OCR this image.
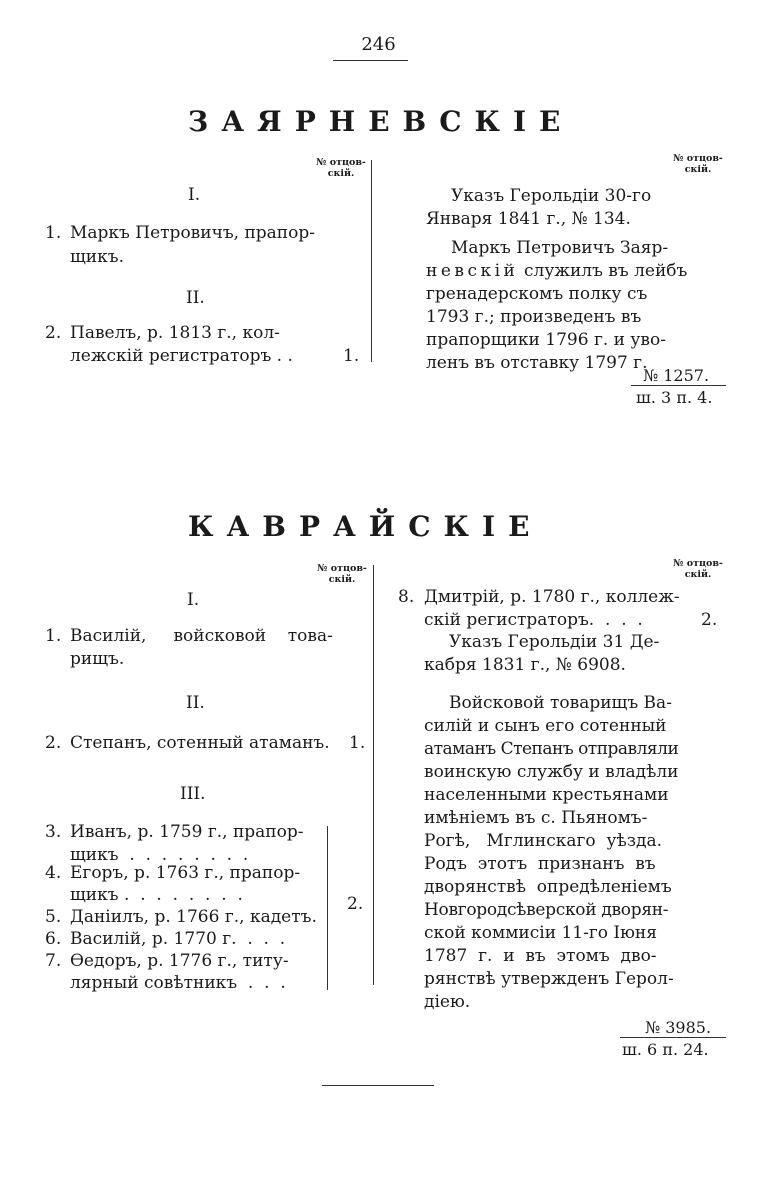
246
ЗАЯРНЕВСКІЕ
№ отцов-
скій.
I.
1. Маркъ Петровичъ, прапор-
щикъ.
II.
2. Павелъ, р. 1813 г., кол-
лежскій регистраторъ . .	1.
№ отцов-
скій.
Указъ Герольдіи 30-го
Января 1841 г., № 134.
Маркъ Петровичъ Заяр-
невскій служилъ въ лейбъ
гренадерскомъ полку съ
1793 г.; произведенъ въ
прапорщики 1796 г. и уво-
ленъ въ отставку 1797 г.
№ 1257.
ш. 3 п. 4.
КАВРАЙСКІЕ
№ отцов-
скій.
I.
1. Василій,     войсковой    това-
рищъ.
II.
2. Степанъ, сотенный атаманъ. 1.
III.
3. Иванъ, р. 1759 г., прапор-
щикъ  .  .  .  .  .  .  .  .
4. Егоръ, р. 1763 г., прапор-
щикъ .  .  .  .  .  .  .  .
5. Даніилъ, р. 1766 г., кадетъ.
6. Василій, р. 1770 г.  .  .  .
7. Ѳедоръ, р. 1776 г., титу-
лярный совѣтникъ  .  .  .
2.
№ отцов-
скій.
8. Дмитрій, р. 1780 г., коллеж-
скій регистраторъ.  .  .  .	2.
Указъ Герольдіи 31 Де-
кабря 1831 г., № 6908.
Войсковой товарищъ Ва-
силій и сынъ его сотенный
атаманъ Степанъ отправляли
воинскую службу и владѣли
населенными крестьянами
имѣніемъ въ с. Пьяномъ-
Рогѣ,   Мглинскаго  уѣзда.
Родъ  этотъ  признанъ  въ
дворянствѣ  опредѣленіемъ
Новгородсѣверской дворян-
ской коммисіи 11-го Іюня
1787  г.  и  въ  этомъ  дво-
рянствѣ утвержденъ Герол-
діею.
№ 3985.
ш. 6 п. 24.
